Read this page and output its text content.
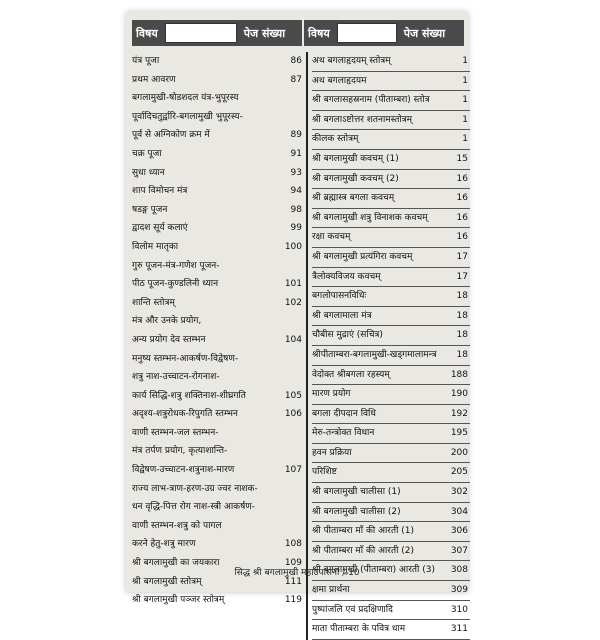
विषय	पेज संख्या	विषय	पेज संख्या
यंत्र पूजा	86
प्रथम आवरण	87
बगलामुखी-षोडशदल यंत्र-भुपूरस्य
पूर्वादिचतुर्द्वारि-बगलामुखी भुपूरस्य-
पूर्व से अग्निकोण क्रम में	89
चक्र पूजा	91
सुधा ध्यान	93
शाप विमोचन मंत्र	94
षडङ्ग पूजन	98
द्वादश सूर्य कलाएं	99
विलोम मातृका	100
गुरु पूजन-मंत्र-गणेश पूजन-
पीठ पूजन-कुण्डलिनी ध्यान	101
शान्ति स्तोत्रम्	102
मंत्र और उनके प्रयोग,
अन्य प्रयोग देव स्तम्भन	104
मनुष्य स्तम्भन-आकर्षण-विद्वेषण-
शत्रु नाश-उच्चाटन-रोगनाश-
कार्य सिद्धि-शत्रु शक्तिनाश-शीघ्रगति	105
अदृश्य-शत्रुरोधक-रिपुगति स्तम्भन	106
वाणी स्तम्भन-जल स्तम्भन-
मंत्र तर्पण प्रयोग, कृत्याशान्ति-
विद्वेषण-उच्चाटन-शत्रुनाश-मारण	107
राज्य लाभ-त्राण-हरण-उग्र ज्वर नाशक-
धन वृद्धि-पित्त रोग नाश-स्त्री आकर्षण-
वाणी स्तम्भन-शत्रु को पागल
करने हेतु-शत्रु मारण	108
श्री बगलामुखी का जयकारा	109
श्री बगलामुखी स्तोत्रम्	111
श्री बगलामुखी पञ्जर स्तोत्रम्	119
अथ बगलाहृदयम् स्तोत्रम्	1
अथ बगलाहृदयम	1
श्री बगलासहस्रनाम (पीताम्बरा) स्तोत्र	1
श्री बगलाऽष्टोत्तर शतनामस्तोत्रम्	1
कीलक स्तोत्रम्	1
श्री बगलामुखी कवचम् (1)	15
श्री बगलामुखी कवचम् (2)	16
श्री ब्रह्मास्त्र बगला कवचम्	16
श्री बगलामुखी शत्रु विनाशक कवचम्	16
रक्षा कवचम्	16
श्री बगलामुखी प्रत्यंगिरा कवचम्	17
त्रैलोक्यविजय कवचम्	17
बगलोपासनविधिः	18
श्री बगलामाला मंत्र	18
चौबीस मुद्राएं (सचित्र)	18
श्रीपीताम्बरा-बगलामुखी-खड्गमालामन्त्र	18
वेदोक्त श्रीबगला रहस्यम्	188
मारण प्रयोग	190
बगला दीपदान विधि	192
मेरु-तन्त्रोक्त विधान	195
हवन प्रक्रिया	200
परिशिष्ट	205
श्री बगलामुखी चालीसा (1)	302
श्री बगलामुखी चालीसा (2)	304
श्री पीताम्बरा माँ की आरती (1)	306
श्री पीताम्बरा माँ की आरती (2)	307
श्री बगलामुखी (पीताम्बरा) आरती (3)	308
क्षमा प्रार्थना	309
पुष्पांजलि एवं प्रदक्षिणादि	310
माता पीताम्बरा के पवित्र धाम	311
सिद्ध श्री बगलामुखी महाउपासना / 10
